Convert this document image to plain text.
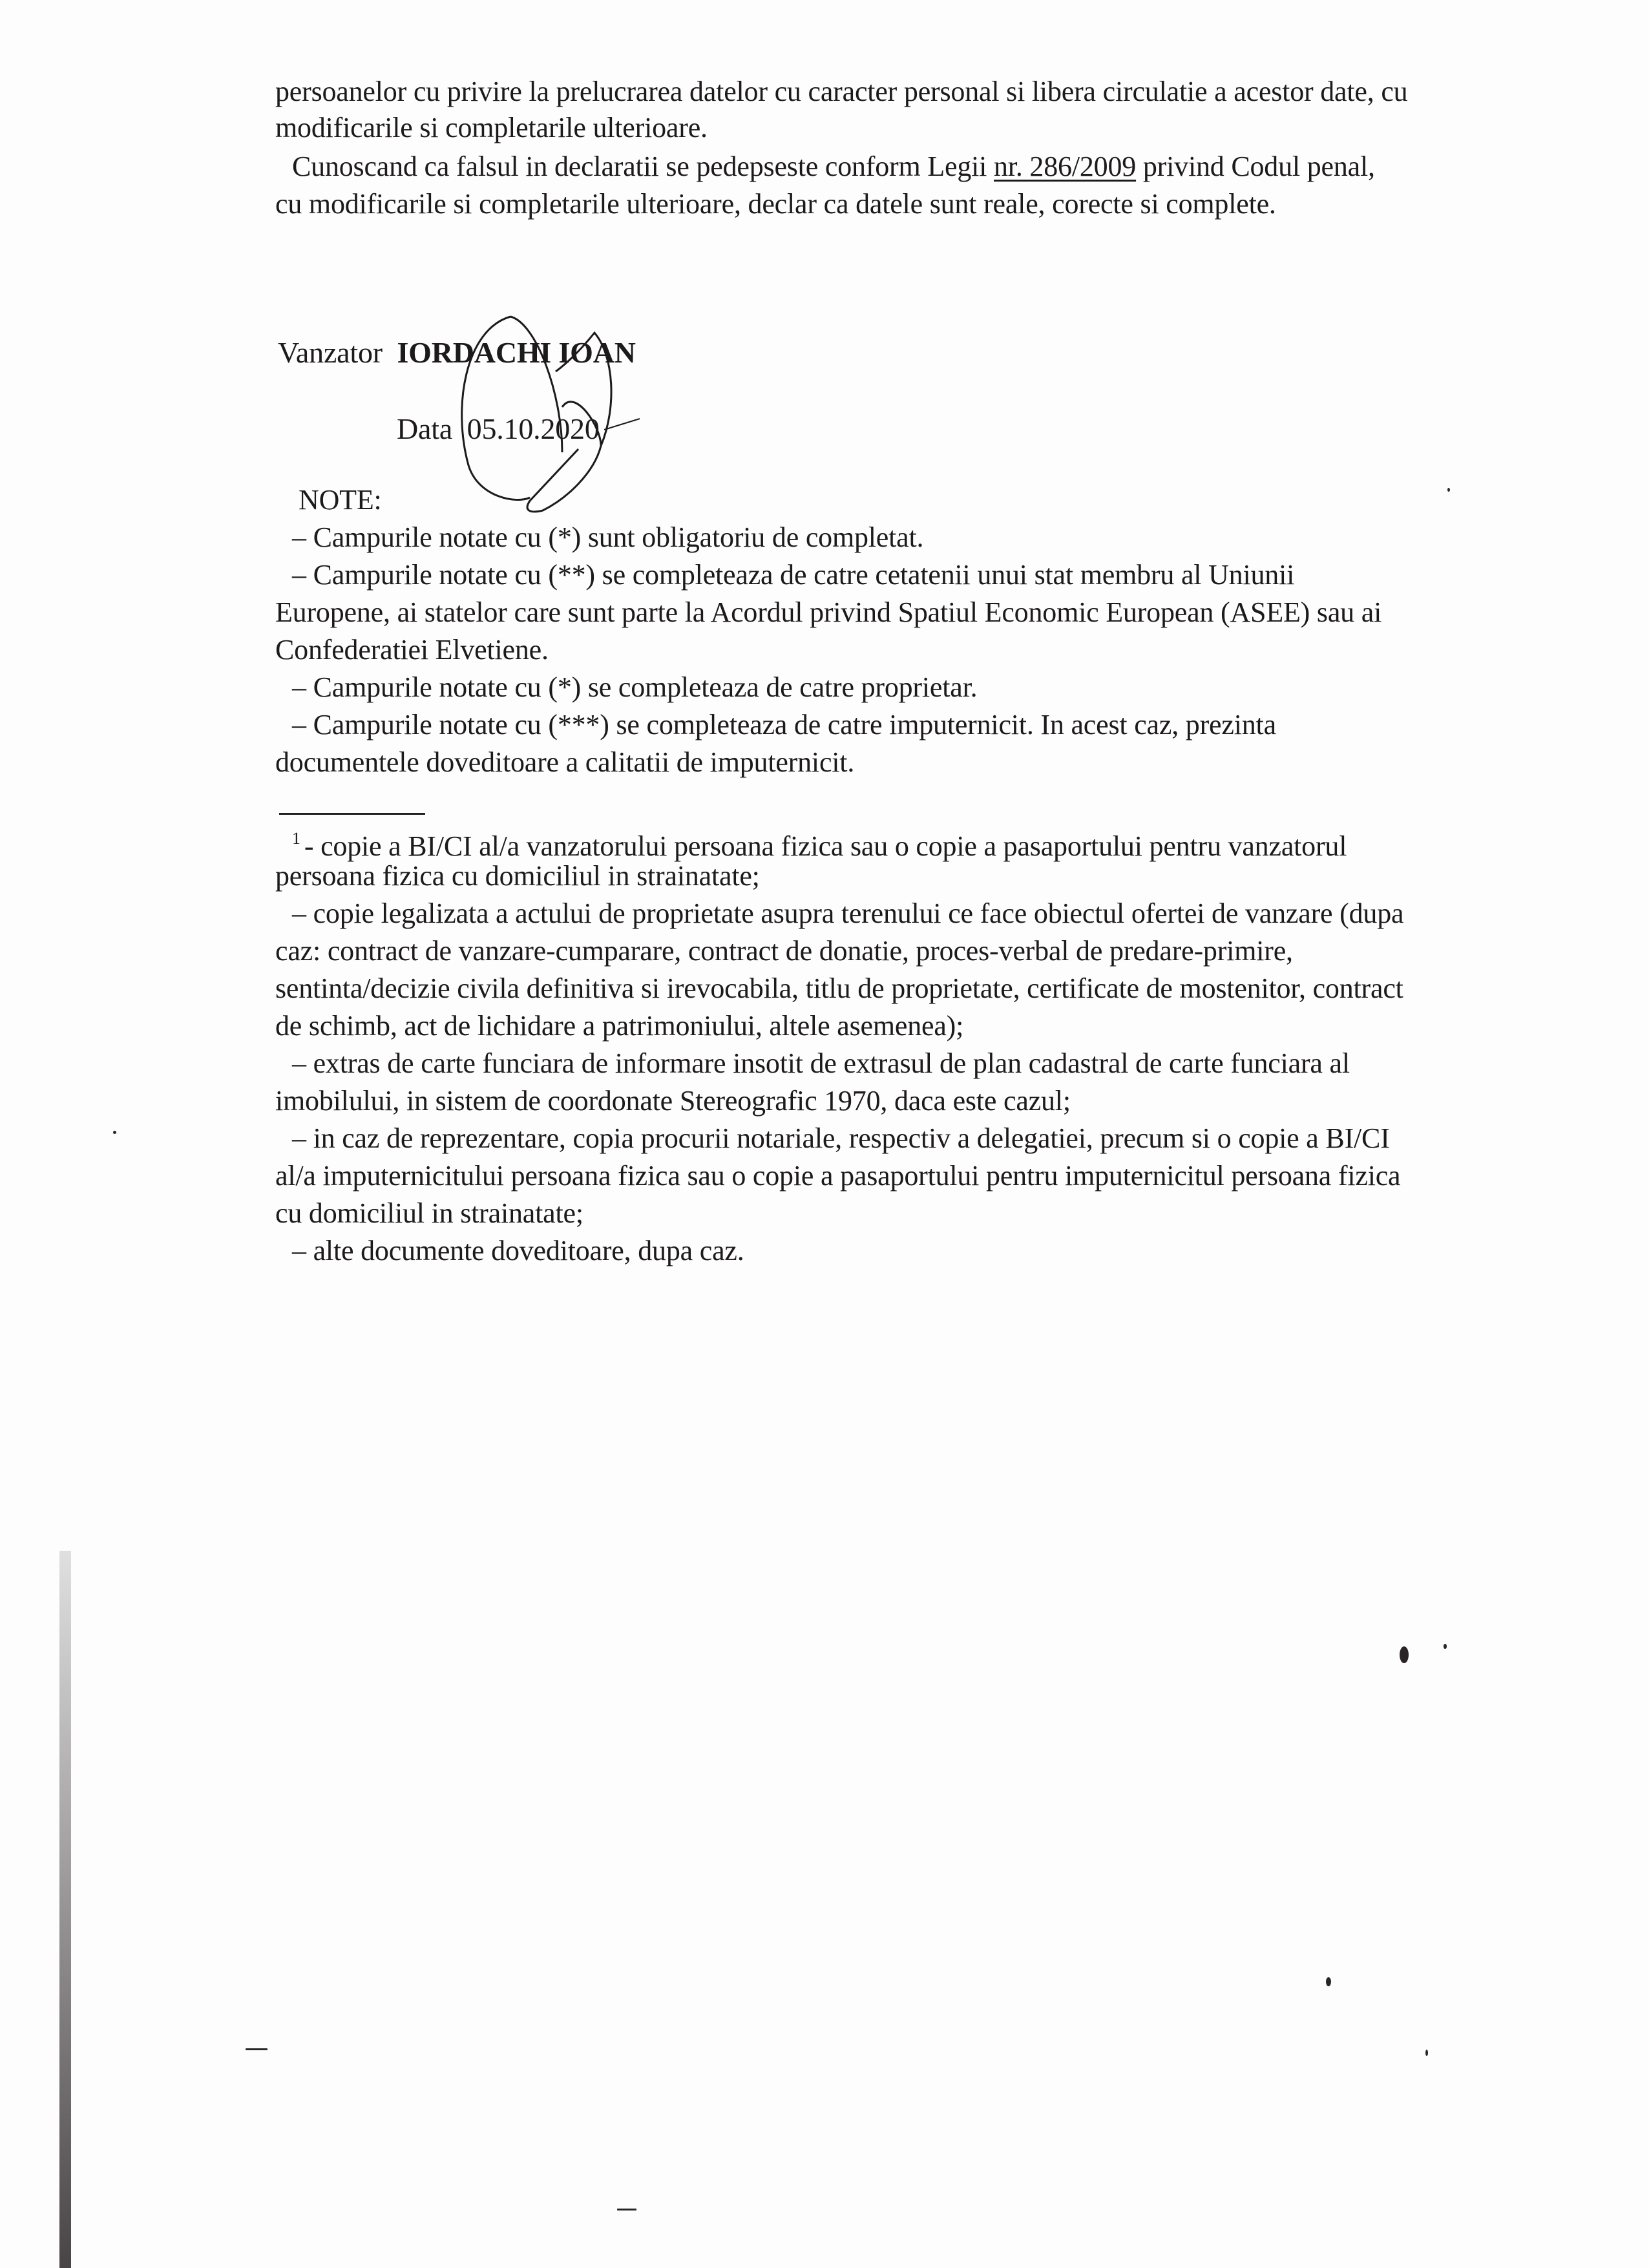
persoanelor cu privire la prelucrarea datelor cu caracter personal si libera circulatie a acestor date, cu
modificarile si completarile ulterioare.
Cunoscand ca falsul in declaratii se pedepseste conform Legii nr. 286/2009 privind Codul penal,
cu modificarile si completarile ulterioare, declar ca datele sunt reale, corecte si complete.
Vanzator IORDACHI IOAN
Data 05.10.2020
NOTE:
– Campurile notate cu (*) sunt obligatoriu de completat.
– Campurile notate cu (**) se completeaza de catre cetatenii unui stat membru al Uniunii
Europene, ai statelor care sunt parte la Acordul privind Spatiul Economic European (ASEE) sau ai
Confederatiei Elvetiene.
– Campurile notate cu (*) se completeaza de catre proprietar.
– Campurile notate cu (***) se completeaza de catre imputernicit. In acest caz, prezinta
documentele doveditoare a calitatii de imputernicit.
$^1$ - copie a BI/CI al/a vanzatorului persoana fizica sau o copie a pasaportului pentru vanzatorul
persoana fizica cu domiciliul in strainatate;
– copie legalizata a actului de proprietate asupra terenului ce face obiectul ofertei de vanzare (dupa
caz: contract de vanzare-cumparare, contract de donatie, proces-verbal de predare-primire,
sentinta/decizie civila definitiva si irevocabila, titlu de proprietate, certificate de mostenitor, contract
de schimb, act de lichidare a patrimoniului, altele asemenea);
– extras de carte funciara de informare insotit de extrasul de plan cadastral de carte funciara al
imobilului, in sistem de coordonate Stereografic 1970, daca este cazul;
– in caz de reprezentare, copia procurii notariale, respectiv a delegatiei, precum si o copie a BI/CI
al/a imputernicitului persoana fizica sau o copie a pasaportului pentru imputernicitul persoana fizica
cu domiciliul in strainatate;
– alte documente doveditoare, dupa caz.
